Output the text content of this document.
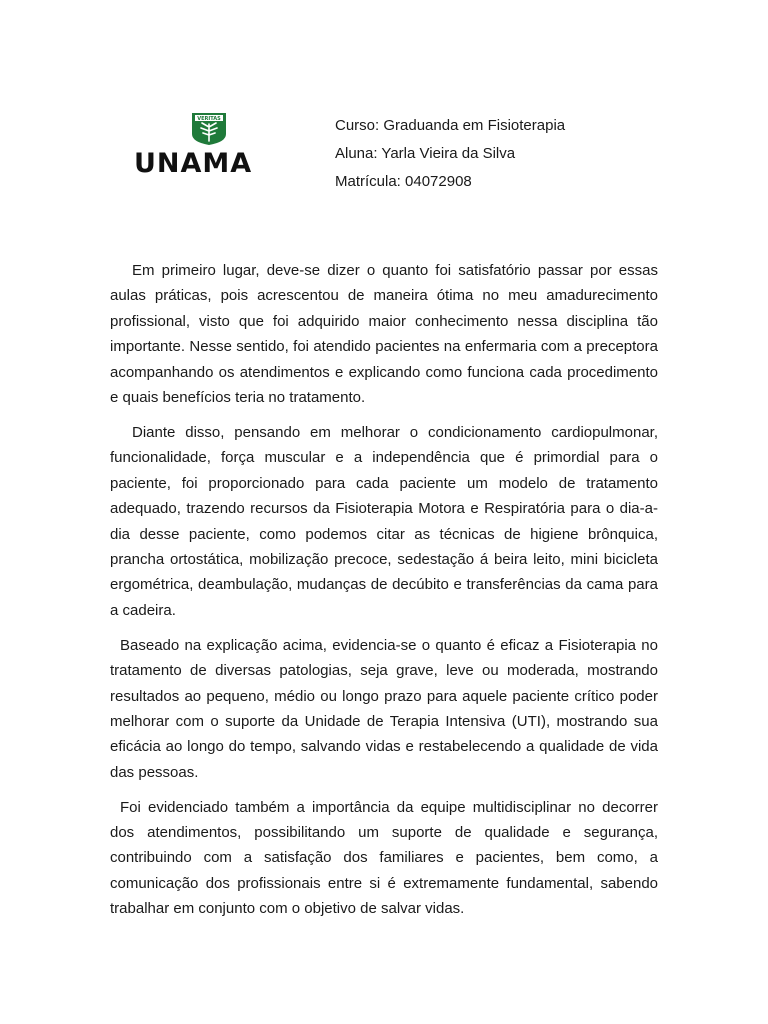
VERITAS
UNAMA
Curso: Graduanda em Fisioterapia
Aluna: Yarla Vieira da Silva
Matrícula: 04072908

Em primeiro lugar, deve-se dizer o quanto foi satisfatório passar por essas aulas práticas, pois acrescentou de maneira ótima no meu amadurecimento profissional, visto que foi adquirido maior conhecimento nessa disciplina tão importante. Nesse sentido, foi atendido pacientes na enfermaria com a preceptora acompanhando os atendimentos e explicando como funciona cada procedimento e quais benefícios teria no tratamento.

Diante disso, pensando em melhorar o condicionamento cardiopulmonar, funcionalidade, força muscular e a independência que é primordial para o paciente, foi proporcionado para cada paciente um modelo de tratamento adequado, trazendo recursos da Fisioterapia Motora e Respiratória para o dia-a-dia desse paciente, como podemos citar as técnicas de higiene brônquica, prancha ortostática, mobilização precoce, sedestação á beira leito, mini bicicleta ergométrica, deambulação, mudanças de decúbito e transferências da cama para a cadeira.

Baseado na explicação acima, evidencia-se o quanto é eficaz a Fisioterapia no tratamento de diversas patologias, seja grave, leve ou moderada, mostrando resultados ao pequeno, médio ou longo prazo para aquele paciente crítico poder melhorar com o suporte da Unidade de Terapia Intensiva (UTI), mostrando sua eficácia ao longo do tempo, salvando vidas e restabelecendo a qualidade de vida das pessoas.

Foi evidenciado também a importância da equipe multidisciplinar no decorrer dos atendimentos, possibilitando um suporte de qualidade e segurança, contribuindo com a satisfação dos familiares e pacientes, bem como, a comunicação dos profissionais entre si é extremamente fundamental, sabendo trabalhar em conjunto com o objetivo de salvar vidas.
